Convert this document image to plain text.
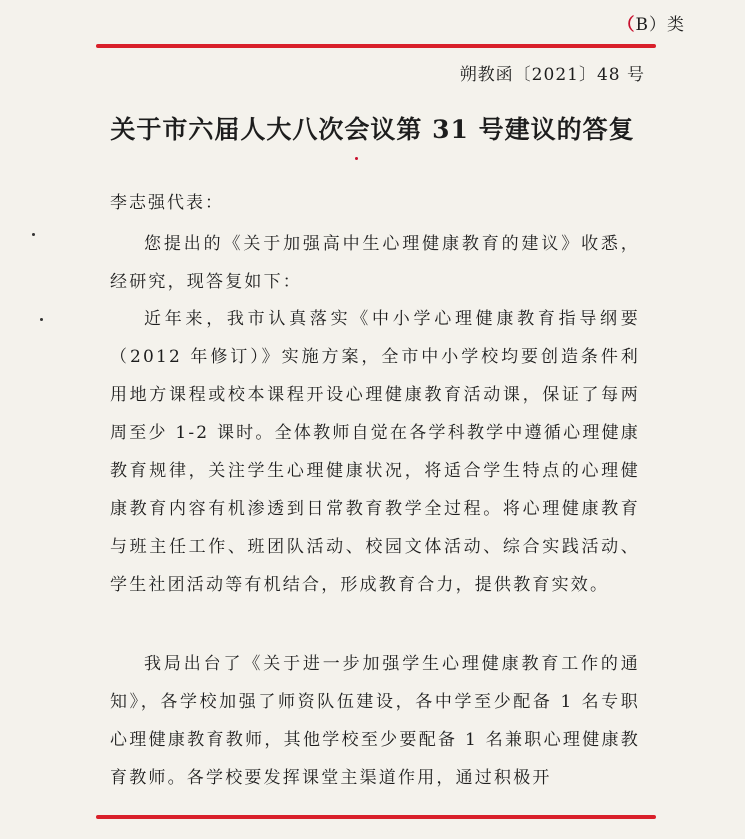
（B）类
朔教函〔2021〕48 号
关于市六届人大八次会议第 31 号建议的答复
李志强代表：
您提出的《关于加强高中生心理健康教育的建议》收悉，经研究，现答复如下：
近年来，我市认真落实《中小学心理健康教育指导纲要（2012 年修订）》实施方案，全市中小学校均要创造条件利用地方课程或校本课程开设心理健康教育活动课，保证了每两周至少 1-2 课时。全体教师自觉在各学科教学中遵循心理健康教育规律，关注学生心理健康状况，将适合学生特点的心理健康教育内容有机渗透到日常教育教学全过程。将心理健康教育与班主任工作、班团队活动、校园文体活动、综合实践活动、学生社团活动等有机结合，形成教育合力，提供教育实效。
我局出台了《关于进一步加强学生心理健康教育工作的通知》，各学校加强了师资队伍建设，各中学至少配备 1 名专职心理健康教育教师，其他学校至少要配备 1 名兼职心理健康教育教师。各学校要发挥课堂主渠道作用，通过积极开
